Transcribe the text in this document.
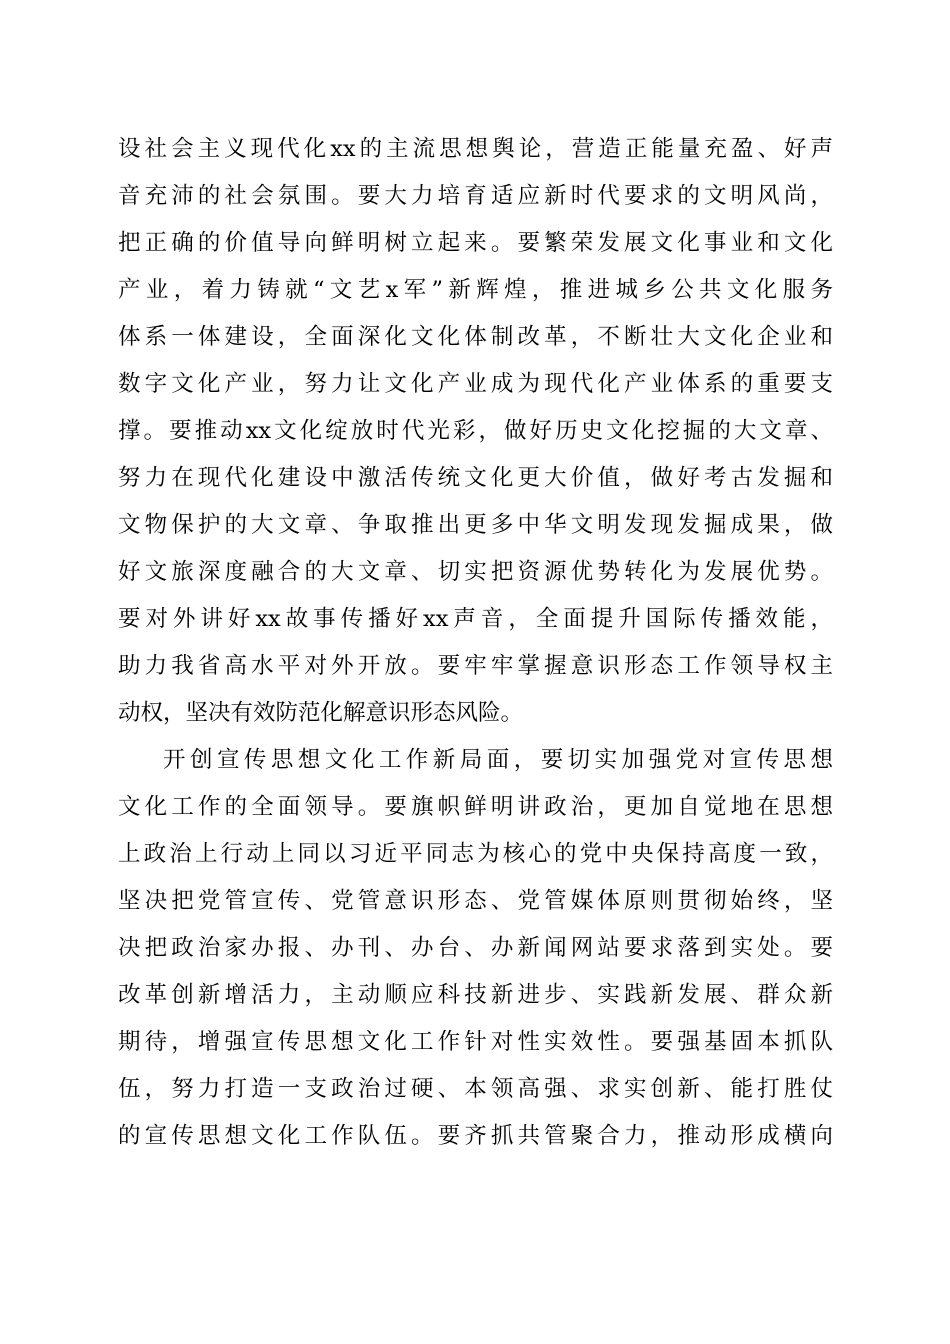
设社会主义现代化xx的主流思想舆论，营造正能量充盈、好声
音充沛的社会氛围。要大力培育适应新时代要求的文明风尚，
把正确的价值导向鲜明树立起来。要繁荣发展文化事业和文化
产业，着力铸就“文艺x军”新辉煌，推进城乡公共文化服务
体系一体建设，全面深化文化体制改革，不断壮大文化企业和
数字文化产业，努力让文化产业成为现代化产业体系的重要支
撑。要推动xx文化绽放时代光彩，做好历史文化挖掘的大文章、
努力在现代化建设中激活传统文化更大价值，做好考古发掘和
文物保护的大文章、争取推出更多中华文明发现发掘成果，做
好文旅深度融合的大文章、切实把资源优势转化为发展优势。
要对外讲好xx故事传播好xx声音，全面提升国际传播效能，
助力我省高水平对外开放。要牢牢掌握意识形态工作领导权主
动权，坚决有效防范化解意识形态风险。
开创宣传思想文化工作新局面，要切实加强党对宣传思想
文化工作的全面领导。要旗帜鲜明讲政治，更加自觉地在思想
上政治上行动上同以习近平同志为核心的党中央保持高度一致，
坚决把党管宣传、党管意识形态、党管媒体原则贯彻始终，坚
决把政治家办报、办刊、办台、办新闻网站要求落到实处。要
改革创新增活力，主动顺应科技新进步、实践新发展、群众新
期待，增强宣传思想文化工作针对性实效性。要强基固本抓队
伍，努力打造一支政治过硬、本领高强、求实创新、能打胜仗
的宣传思想文化工作队伍。要齐抓共管聚合力，推动形成横向
